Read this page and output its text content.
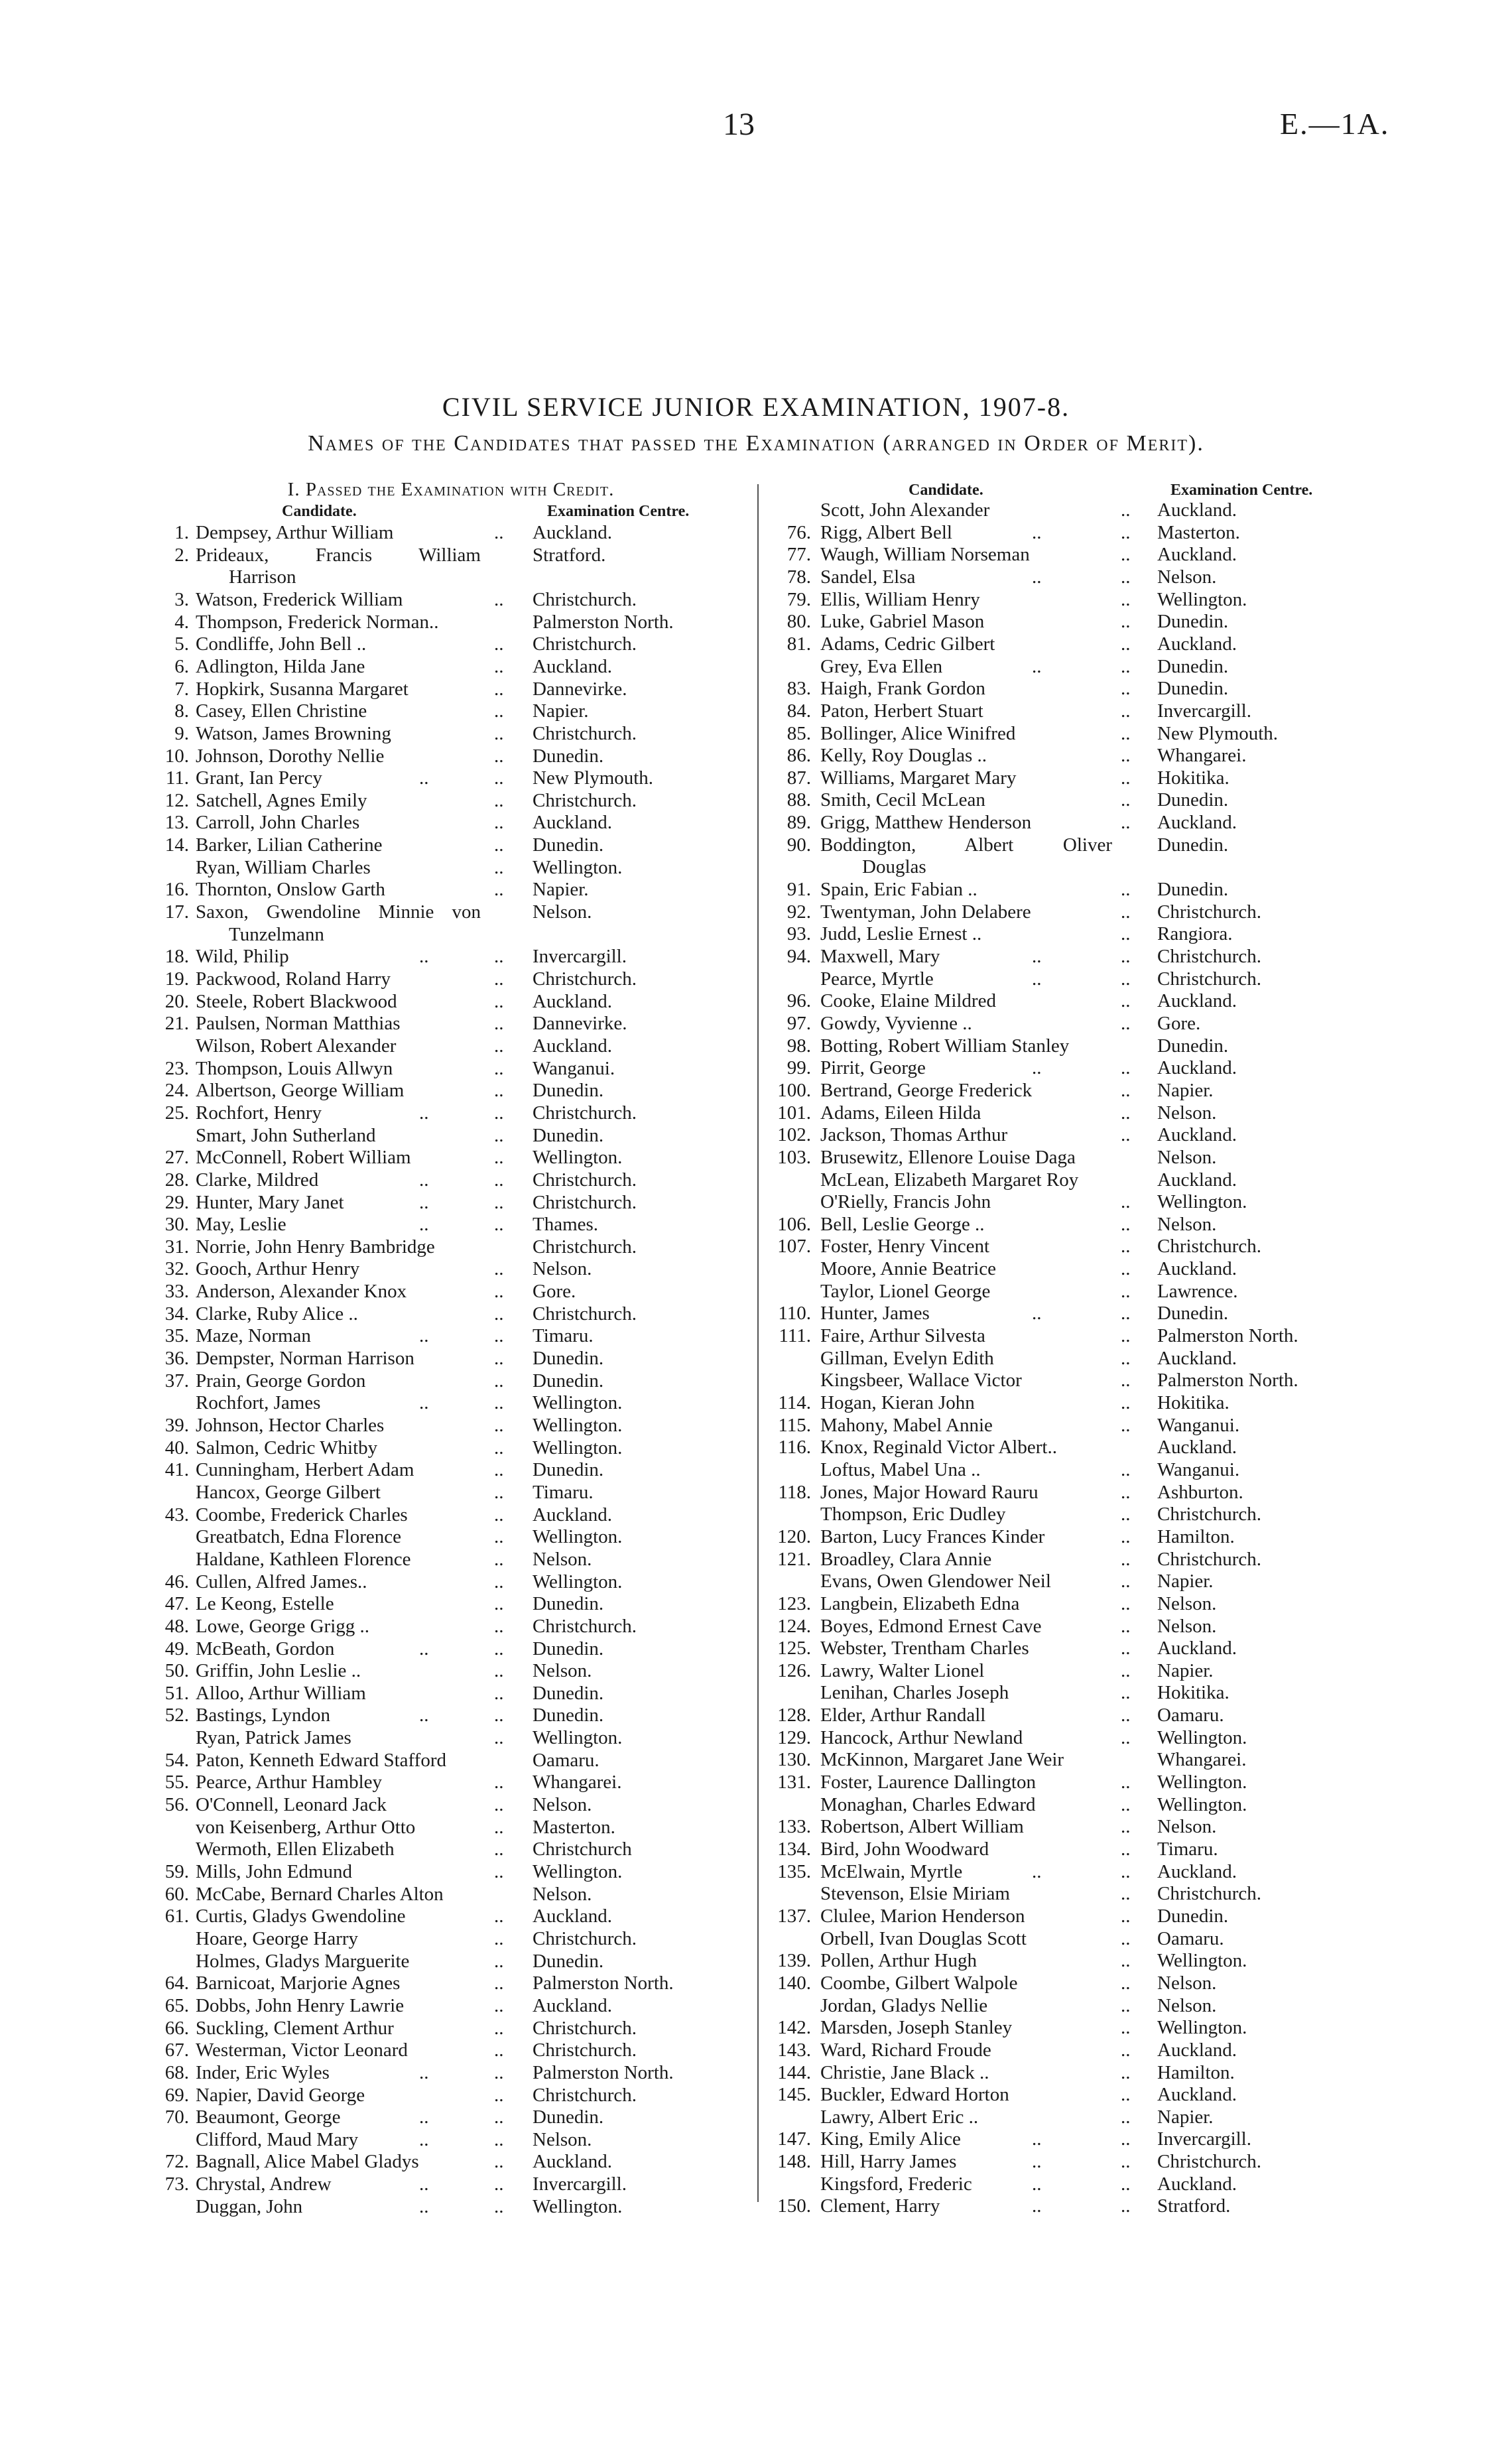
13	E.—1A.
CIVIL SERVICE JUNIOR EXAMINATION, 1907-8.
Names of the Candidates that passed the Examination (arranged in Order of Merit).
I. Passed the Examination with Credit.
Candidate.	Examination Centre.
Candidate.	Examination Centre.
1. Dempsey, Arthur William	.. Auckland.
2. Prideaux, Francis William	Stratford.
Harrison
3. Watson, Frederick William	.. Christchurch.
4. Thompson, Frederick Norman..	Palmerston North.
5. Condliffe, John Bell ..	.. Christchurch.
6. Adlington, Hilda Jane	.. Auckland.
7. Hopkirk, Susanna Margaret	.. Dannevirke.
8. Casey, Ellen Christine	.. Napier.
9. Watson, James Browning	.. Christchurch.
10. Johnson, Dorothy Nellie	.. Dunedin.
11. Grant, Ian Percy	..	.. New Plymouth.
12. Satchell, Agnes Emily	.. Christchurch.
13. Carroll, John Charles	.. Auckland.
14. Barker, Lilian Catherine	.. Dunedin.
Ryan, William Charles	.. Wellington.
16. Thornton, Onslow Garth	.. Napier.
17. Saxon, Gwendoline Minnie von	Nelson.
Tunzelmann
18. Wild, Philip	..	.. Invercargill.
19. Packwood, Roland Harry	.. Christchurch.
20. Steele, Robert Blackwood	.. Auckland.
21. Paulsen, Norman Matthias	.. Dannevirke.
Wilson, Robert Alexander	.. Auckland.
23. Thompson, Louis Allwyn	.. Wanganui.
24. Albertson, George William	.. Dunedin.
25. Rochfort, Henry	..	.. Christchurch.
Smart, John Sutherland	.. Dunedin.
27. McConnell, Robert William	.. Wellington.
28. Clarke, Mildred	..	.. Christchurch.
29. Hunter, Mary Janet	..	.. Christchurch.
30. May, Leslie	..	.. Thames.
31. Norrie, John Henry Bambridge	Christchurch.
32. Gooch, Arthur Henry	.. Nelson.
33. Anderson, Alexander Knox	.. Gore.
34. Clarke, Ruby Alice ..	.. Christchurch.
35. Maze, Norman	..	.. Timaru.
36. Dempster, Norman Harrison	.. Dunedin.
37. Prain, George Gordon	.. Dunedin.
Rochfort, James	..	.. Wellington.
39. Johnson, Hector Charles	.. Wellington.
40. Salmon, Cedric Whitby	.. Wellington.
41. Cunningham, Herbert Adam	.. Dunedin.
Hancox, George Gilbert	.. Timaru.
43. Coombe, Frederick Charles	.. Auckland.
Greatbatch, Edna Florence	.. Wellington.
Haldane, Kathleen Florence	.. Nelson.
46. Cullen, Alfred James..	.. Wellington.
47. Le Keong, Estelle	.. Dunedin.
48. Lowe, George Grigg ..	.. Christchurch.
49. McBeath, Gordon	..	.. Dunedin.
50. Griffin, John Leslie ..	.. Nelson.
51. Alloo, Arthur William	.. Dunedin.
52. Bastings, Lyndon	..	.. Dunedin.
Ryan, Patrick James	.. Wellington.
54. Paton, Kenneth Edward Stafford	Oamaru.
55. Pearce, Arthur Hambley	.. Whangarei.
56. O'Connell, Leonard Jack	.. Nelson.
von Keisenberg, Arthur Otto	.. Masterton.
Wermoth, Ellen Elizabeth	.. Christchurch
59. Mills, John Edmund	.. Wellington.
60. McCabe, Bernard Charles Alton	Nelson.
61. Curtis, Gladys Gwendoline	.. Auckland.
Hoare, George Harry	.. Christchurch.
Holmes, Gladys Marguerite	.. Dunedin.
64. Barnicoat, Marjorie Agnes	.. Palmerston North.
65. Dobbs, John Henry Lawrie	.. Auckland.
66. Suckling, Clement Arthur	.. Christchurch.
67. Westerman, Victor Leonard	.. Christchurch.
68. Inder, Eric Wyles	..	.. Palmerston North.
69. Napier, David George	.. Christchurch.
70. Beaumont, George	..	.. Dunedin.
Clifford, Maud Mary	..	.. Nelson.
72. Bagnall, Alice Mabel Gladys	.. Auckland.
73. Chrystal, Andrew	..	.. Invercargill.
Duggan, John	..	.. Wellington.
Scott, John Alexander	.. Auckland.
76. Rigg, Albert Bell	..	.. Masterton.
77. Waugh, William Norseman	.. Auckland.
78. Sandel, Elsa	..	.. Nelson.
79. Ellis, William Henry	.. Wellington.
80. Luke, Gabriel Mason	.. Dunedin.
81. Adams, Cedric Gilbert	.. Auckland.
Grey, Eva Ellen	..	.. Dunedin.
83. Haigh, Frank Gordon	.. Dunedin.
84. Paton, Herbert Stuart	.. Invercargill.
85. Bollinger, Alice Winifred	.. New Plymouth.
86. Kelly, Roy Douglas ..	.. Whangarei.
87. Williams, Margaret Mary	.. Hokitika.
88. Smith, Cecil McLean	.. Dunedin.
89. Grigg, Matthew Henderson	.. Auckland.
90. Boddington, Albert Oliver Dunedin.
Douglas
91. Spain, Eric Fabian ..	.. Dunedin.
92. Twentyman, John Delabere	.. Christchurch.
93. Judd, Leslie Ernest ..	.. Rangiora.
94. Maxwell, Mary	..	.. Christchurch.
Pearce, Myrtle	..	.. Christchurch.
96. Cooke, Elaine Mildred	.. Auckland.
97. Gowdy, Vyvienne ..	.. Gore.
98. Botting, Robert William Stanley	Dunedin.
99. Pirrit, George	..	.. Auckland.
100. Bertrand, George Frederick	.. Napier.
101. Adams, Eileen Hilda	.. Nelson.
102. Jackson, Thomas Arthur	.. Auckland.
103. Brusewitz, Ellenore Louise Daga	Nelson.
McLean, Elizabeth Margaret Roy	Auckland.
O'Rielly, Francis John	.. Wellington.
106. Bell, Leslie George ..	.. Nelson.
107. Foster, Henry Vincent	.. Christchurch.
Moore, Annie Beatrice	.. Auckland.
Taylor, Lionel George	.. Lawrence.
110. Hunter, James	..	.. Dunedin.
111. Faire, Arthur Silvesta	.. Palmerston North.
Gillman, Evelyn Edith	.. Auckland.
Kingsbeer, Wallace Victor	.. Palmerston North.
114. Hogan, Kieran John	.. Hokitika.
115. Mahony, Mabel Annie	.. Wanganui.
116. Knox, Reginald Victor Albert..	Auckland.
Loftus, Mabel Una ..	.. Wanganui.
118. Jones, Major Howard Rauru	.. Ashburton.
Thompson, Eric Dudley	.. Christchurch.
120. Barton, Lucy Frances Kinder	.. Hamilton.
121. Broadley, Clara Annie	.. Christchurch.
Evans, Owen Glendower Neil	.. Napier.
123. Langbein, Elizabeth Edna	.. Nelson.
124. Boyes, Edmond Ernest Cave	.. Nelson.
125. Webster, Trentham Charles	.. Auckland.
126. Lawry, Walter Lionel	.. Napier.
Lenihan, Charles Joseph	.. Hokitika.
128. Elder, Arthur Randall	.. Oamaru.
129. Hancock, Arthur Newland	.. Wellington.
130. McKinnon, Margaret Jane Weir	Whangarei.
131. Foster, Laurence Dallington	.. Wellington.
Monaghan, Charles Edward	.. Wellington.
133. Robertson, Albert William	.. Nelson.
134. Bird, John Woodward	.. Timaru.
135. McElwain, Myrtle	..	.. Auckland.
Stevenson, Elsie Miriam	.. Christchurch.
137. Clulee, Marion Henderson	.. Dunedin.
Orbell, Ivan Douglas Scott	.. Oamaru.
139. Pollen, Arthur Hugh	.. Wellington.
140. Coombe, Gilbert Walpole	.. Nelson.
Jordan, Gladys Nellie	.. Nelson.
142. Marsden, Joseph Stanley	.. Wellington.
143. Ward, Richard Froude	.. Auckland.
144. Christie, Jane Black ..	.. Hamilton.
145. Buckler, Edward Horton	.. Auckland.
Lawry, Albert Eric ..	.. Napier.
147. King, Emily Alice	..	.. Invercargill.
148. Hill, Harry James	..	.. Christchurch.
Kingsford, Frederic	..	.. Auckland.
150. Clement, Harry	..	.. Stratford.
